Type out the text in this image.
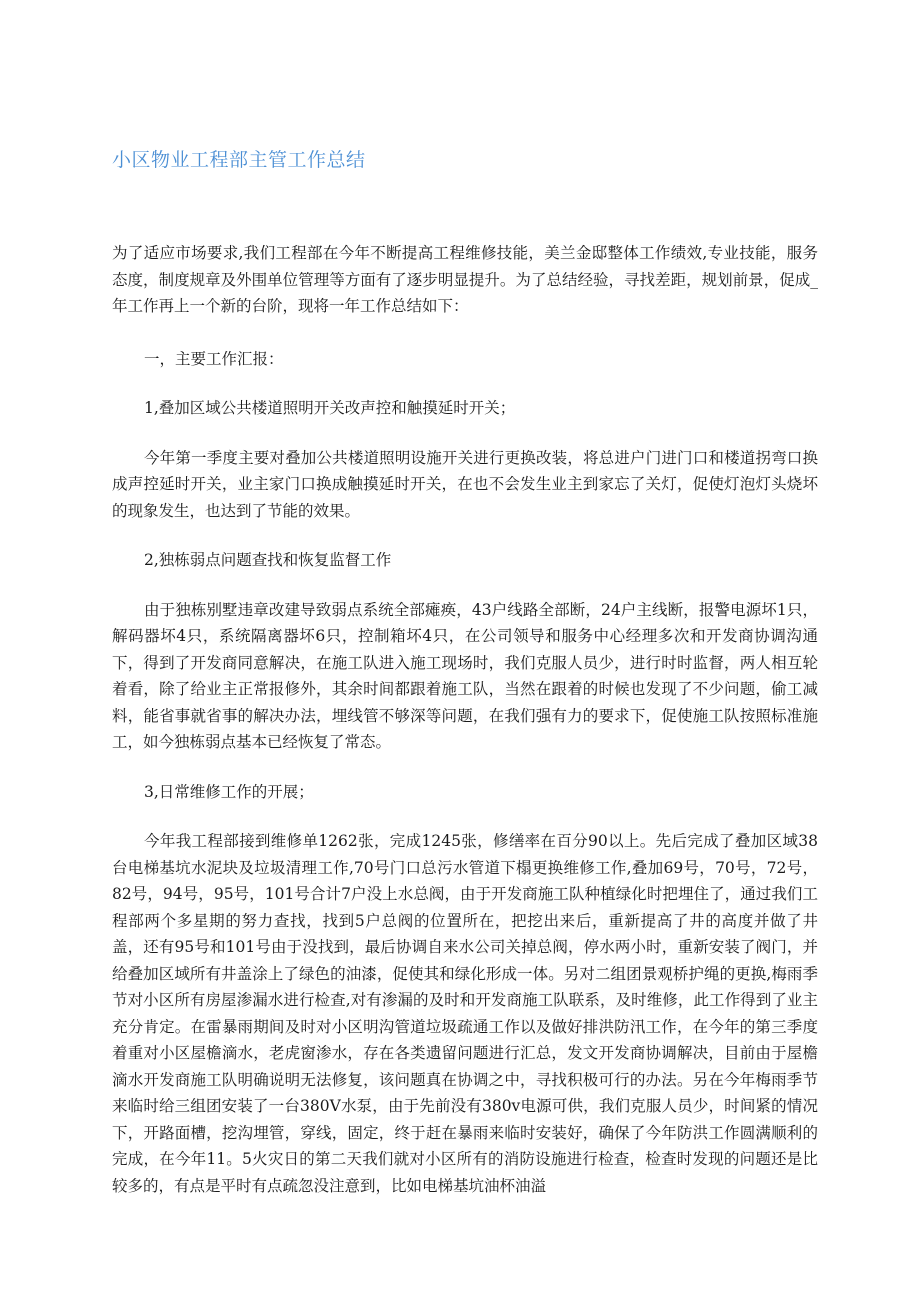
小区物业工程部主管工作总结

为了适应市场要求,我们工程部在今年不断提高工程维修技能，美兰金邸整体工作绩效,专业技能，服务态度，制度规章及外围单位管理等方面有了逐步明显提升。为了总结经验，寻找差距，规划前景，促成_年工作再上一个新的台阶，现将一年工作总结如下：

一，主要工作汇报：

1,叠加区域公共楼道照明开关改声控和触摸延时开关；

今年第一季度主要对叠加公共楼道照明设施开关进行更换改装，将总进户门进门口和楼道拐弯口换成声控延时开关，业主家门口换成触摸延时开关，在也不会发生业主到家忘了关灯，促使灯泡灯头烧坏的现象发生，也达到了节能的效果。

2,独栋弱点问题查找和恢复监督工作

由于独栋别墅违章改建导致弱点系统全部瘫痪，43户线路全部断，24户主线断，报警电源坏1只，解码器坏4只，系统隔离器坏6只，控制箱坏4只，在公司领导和服务中心经理多次和开发商协调沟通下，得到了开发商同意解决，在施工队进入施工现场时，我们克服人员少，进行时时监督，两人相互轮着看，除了给业主正常报修外，其余时间都跟着施工队，当然在跟着的时候也发现了不少问题，偷工减料，能省事就省事的解决办法，埋线管不够深等问题，在我们强有力的要求下，促使施工队按照标准施工，如今独栋弱点基本已经恢复了常态。

3,日常维修工作的开展；

今年我工程部接到维修单1262张，完成1245张，修缮率在百分90以上。先后完成了叠加区域38台电梯基坑水泥块及垃圾清理工作,70号门口总污水管道下榻更换维修工作,叠加69号，70号，72号，82号，94号，95号，101号合计7户没上水总阀，由于开发商施工队种植绿化时把埋住了，通过我们工程部两个多星期的努力查找，找到5户总阀的位置所在，把挖出来后，重新提高了井的高度并做了井盖，还有95号和101号由于没找到，最后协调自来水公司关掉总阀，停水两小时，重新安装了阀门，并给叠加区域所有井盖涂上了绿色的油漆，促使其和绿化形成一体。另对二组团景观桥护绳的更换,梅雨季节对小区所有房屋渗漏水进行检查,对有渗漏的及时和开发商施工队联系，及时维修，此工作得到了业主充分肯定。在雷暴雨期间及时对小区明沟管道垃圾疏通工作以及做好排洪防汛工作，在今年的第三季度着重对小区屋檐滴水，老虎窗渗水，存在各类遗留问题进行汇总，发文开发商协调解决，目前由于屋檐滴水开发商施工队明确说明无法修复，该问题真在协调之中，寻找积极可行的办法。另在今年梅雨季节来临时给三组团安装了一台380V水泵，由于先前没有380v电源可供，我们克服人员少，时间紧的情况下，开路面槽，挖沟埋管，穿线，固定，终于赶在暴雨来临时安装好，确保了今年防洪工作圆满顺利的完成，在今年11。5火灾日的第二天我们就对小区所有的消防设施进行检查，检查时发现的问题还是比较多的，有点是平时有点疏忽没注意到，比如电梯基坑油杯油溢
